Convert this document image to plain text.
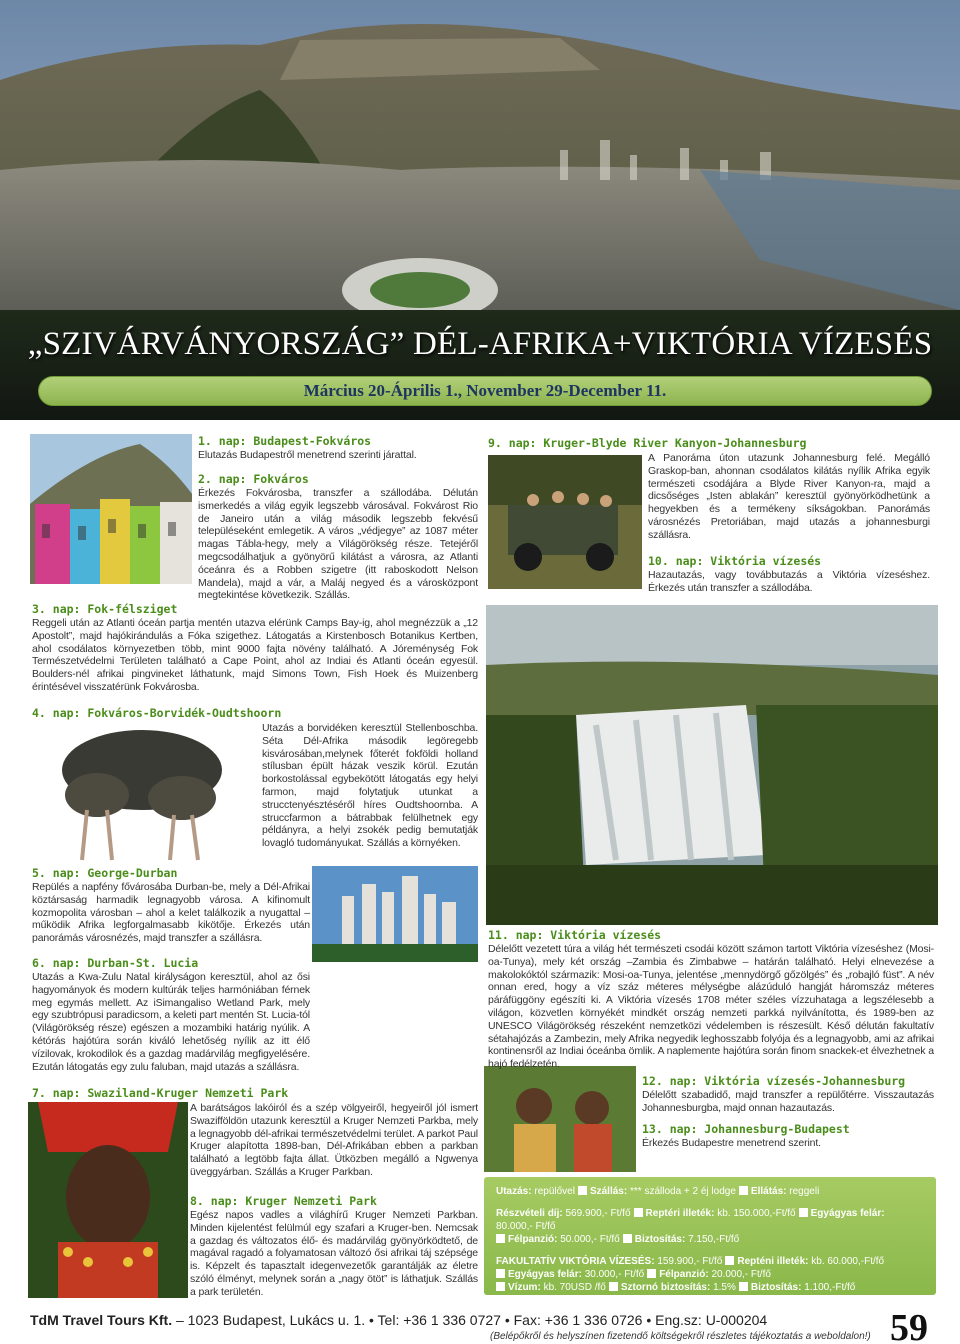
„SZIVÁRVÁNYORSZÁG” DÉL-AFRIKA+VIKTÓRIA VÍZESÉS
Március 20-Április 1., November 29-December 11.
1. nap: Budapest-Fokváros

Elutazás Budapestről menetrend szerinti járattal.

2. nap: Fokváros

Érkezés Fokvárosba, transzfer a szállodába. Délután ismerkedés a világ egyik legszebb városával. Fokvárost Rio de Janeiro után a világ második legszebb fekvésű településeként emlegetik. A város „védjegye” az 1087 méter magas Tábla-hegy, mely a Világörökség része. Tetejéről megcsodálhatjuk a gyönyörű kilátást a városra, az Atlanti óceánra és a Robben szigetre (itt raboskodott Nelson Mandela), majd a vár, a Maláj negyed és a városközpont megtekintése következik. Szállás.

3. nap: Fok-félsziget

Reggeli után az Atlanti óceán partja mentén utazva elérünk Camps Bay-ig, ahol megnézzük a „12 Apostolt”, majd hajókirándulás a Fóka szigethez. Látogatás a Kirstenbosch Botanikus Kertben, ahol csodálatos környezetben több, mint 9000 fajta növény található. A Jóreménység Fok Természetvédelmi Területen található a Cape Point, ahol az Indiai és Atlanti óceán egyesül. Boulders-nél afrikai pingvineket láthatunk, majd Simons Town, Fish Hoek és Muizenberg érintésével visszatérünk Fokvárosba.

4. nap: Fokváros-Borvidék-Oudtshoorn

Utazás a borvidéken keresztül Stellenboschba. Séta Dél-Afrika második legöregebb kisvárosában,melynek főterét fokföldi holland stílusban épült házak veszik körül. Ezután borkostolással egybekötött látogatás egy helyi farmon, majd folytatjuk utunkat a strucctenyésztéséről híres Oudtshoornba. A struccfarmon a bátrabbak felülhetnek egy példányra, a helyi zsokék pedig bemutatják lovagló tudományukat. Szállás a környéken.

5. nap: George-Durban

Repülés a napfény fővárosába Durban-be, mely a Dél-Afrikai köztársaság harmadik legnagyobb városa. A kifinomult kozmopolita városban – ahol a kelet találkozik a nyugattal – működik Afrika legforgalmasabb kikötője. Érkezés után panorámás városnézés, majd transzfer a szállásra.

6. nap: Durban-St. Lucia

Utazás a Kwa-Zulu Natal királyságon keresztül, ahol az ősi hagyományok és modern kultúrák teljes harmóniában férnek meg egymás mellett. Az iSimangaliso Wetland Park, mely egy szubtrópusi paradicsom, a keleti part mentén St. Lucia-tól (Világörökség része) egészen a mozambiki határig nyúlik. A kétórás hajótúra során kiváló lehetőség nyílik az itt élő vízilovak, krokodilok és a gazdag madárvilág megfigyelésére. Ezután látogatás egy zulu faluban, majd utazás a szállásra.

7. nap: Swaziland-Kruger Nemzeti Park

A barátságos lakóiról és a szép völgyeiről, hegyeiről jól ismert Swazifföldön utazunk keresztül a Kruger Nemzeti Parkba, mely a legnagyobb dél-afrikai természetvédelmi terület. A parkot Paul Kruger alapította 1898-ban, Dél-Afrikában ebben a parkban található a legtöbb fajta állat. Ütközben megálló a Ngwenya üveggyárban. Szállás a Kruger Parkban.

8. nap: Kruger Nemzeti Park

Egész napos vadles a világhírű Kruger Nemzeti Parkban. Minden kijelentést felülmúl egy szafari a Kruger-ben. Nemcsak a gazdag és változatos élő- és madárvilág gyönyörködtető, de magával ragadó a folyamatosan változó ősi afrikai táj szépsége is. Képzelt és tapasztalt idegenvezetők garantálják az életre szóló élményt, melynek során a „nagy ötöt” is láthatjuk. Szállás a park területén.

9. nap: Kruger-Blyde River Kanyon-Johannesburg

A Panoráma úton utazunk Johannesburg felé. Megálló Graskop-ban, ahonnan csodálatos kilátás nyílik Afrika egyik természeti csodájára a Blyde River Kanyon-ra, majd a dicsőséges „Isten ablakán” keresztül gyönyörködhetünk a hegyekben és a termékeny síkságokban. Panorámás városnézés Pretoriában, majd utazás a johannesburgi szállásra.

10. nap: Viktória vízesés

Hazautazás, vagy továbbutazás a Viktória vízeséshez. Érkezés után transzfer a szállodába.

11. nap: Viktória vízesés

Délelőtt vezetett túra a világ hét természeti csodái között számon tartott Viktória vízeséshez (Mosi-oa-Tunya), mely két ország –Zambia és Zimbabwe – határán található. Helyi elnevezése a makolokóktól származik: Mosi-oa-Tunya, jelentése „mennydörgő gőzölgés” és „robajló füst”. A név onnan ered, hogy a víz száz méteres mélységbe alázúduló hangját háromszáz méteres páráfüggöny egészíti ki. A Viktória vízesés 1708 méter széles vízzuhataga a legszélesebb a világon, közvetlen környékét mindkét ország nemzeti parkká nyilvánította, és 1989-ben az UNESCO Világörökség részeként nemzetközi védelemben is részesült. Késő délután fakultatív sétahajózás a Zambezin, mely Afrika negyedik leghosszabb folyója és a legnagyobb, ami az afrikai kontinensről az Indiai óceánba ömlik. A naplemente hajótúra során finom snackek-et élvezhetnek a hajó fedélzetén.

12. nap: Viktória vízesés-Johannesburg

Délelőtt szabadidő, majd transzfer a repülőtérre. Visszautazás Johannesburgba, majd onnan hazautazás.

13. nap: Johannesburg-Budapest

Érkezés Budapestre menetrend szerint.

Utazás: repülővel Szállás: *** szálloda + 2 éj lodge Ellátás: reggeli
Részvételi díj: 569.900,- Ft/fő Reptéri illeték: kb. 150.000,-Ft/fő Egyágyas felár: 80.000,- Ft/fő
Félpanzió: 50.000,- Ft/fő Biztosítás: 7.150,-Ft/fő
FAKULTATÍV VIKTÓRIA VÍZESÉS: 159.900,- Ft/fő Repténi illeték: kb. 60.000,-Ft/fő
Egyágyas felár: 30.000,- Ft/fő Félpanzió: 20.000,- Ft/fő
Vízum: kb. 70USD /fő Sztornó biztosítás: 1.5% Biztosítás: 1.100,-Ft/fő
TdM Travel Tours Kft. – 1023 Budapest, Lukács u. 1. • Tel: +36 1 336 0727 • Fax: +36 1 336 0726 • Eng.sz: U-000204
(Belépőkről és helyszínen fizetendő költségekről részletes tájékoztatás a weboldalon!) 59
